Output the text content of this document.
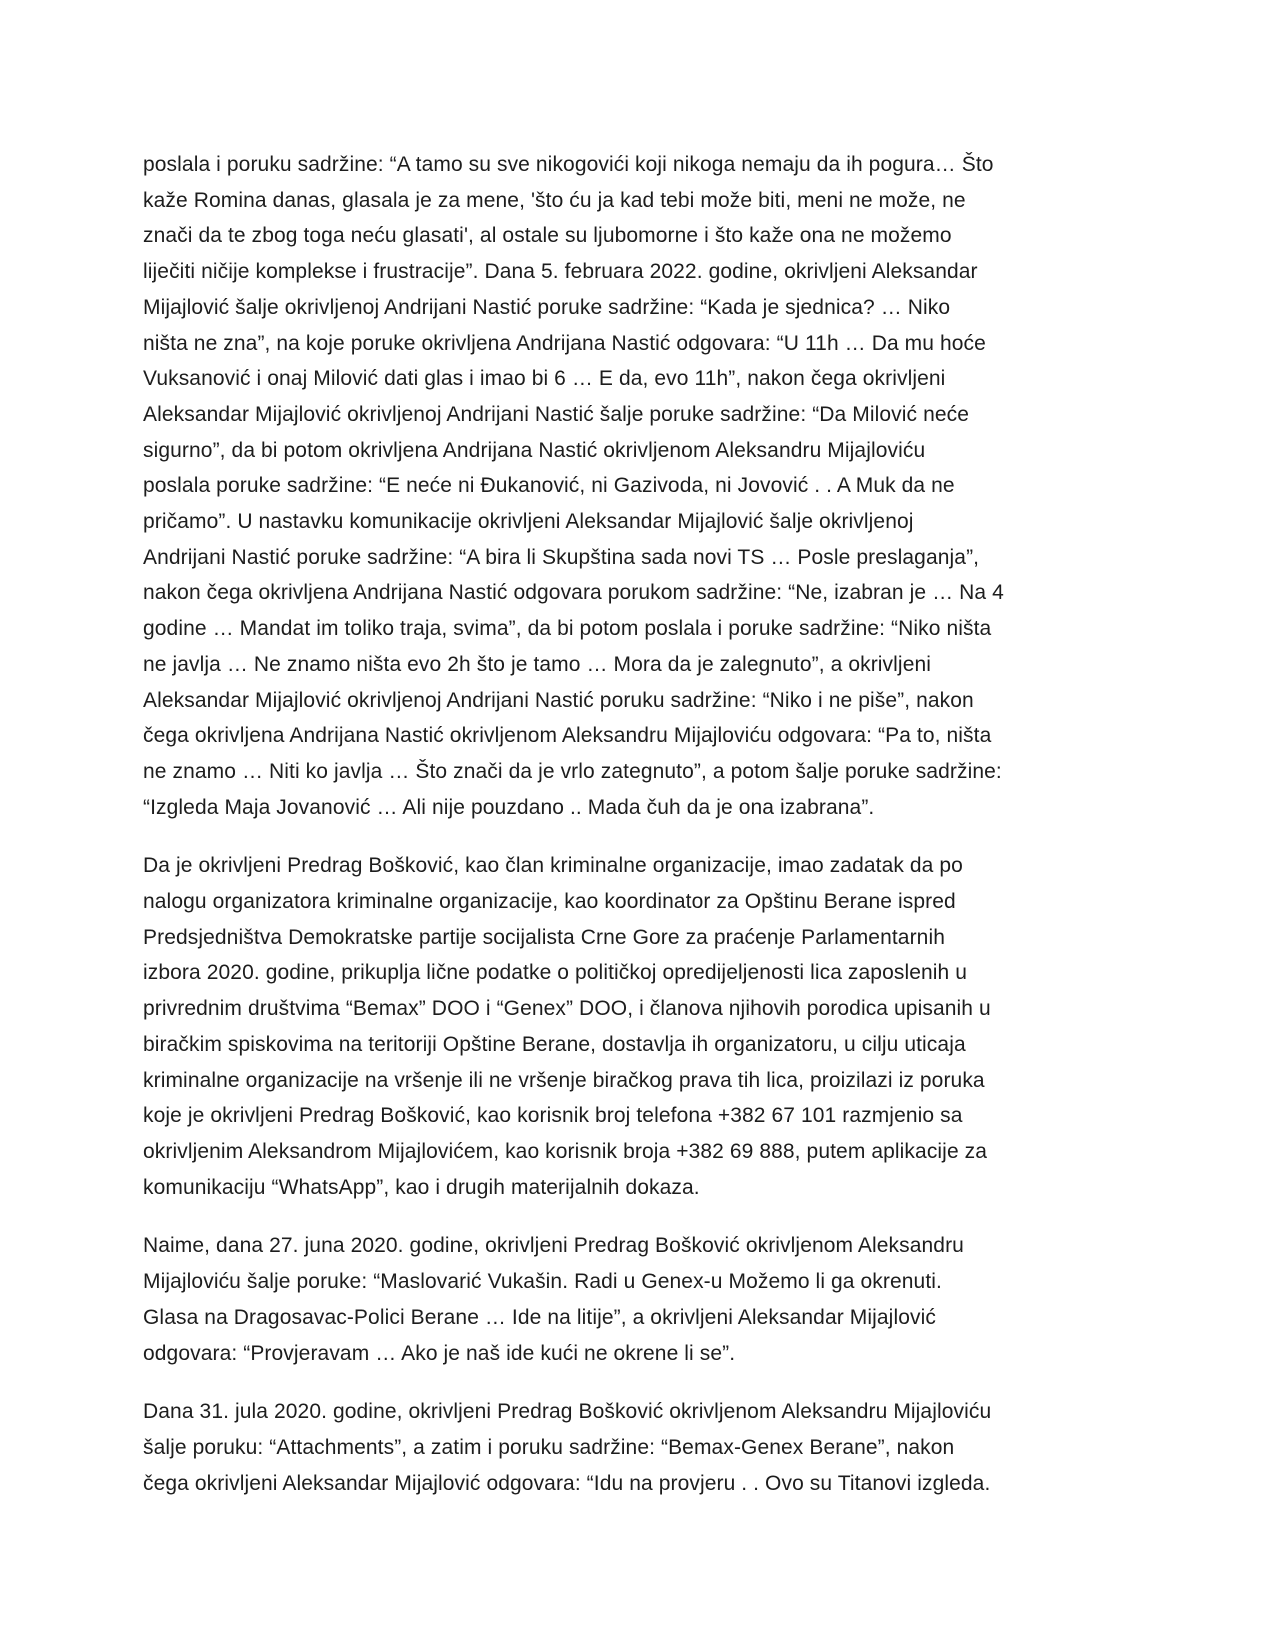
poslala i poruku sadržine: “A tamo su sve nikogovići koji nikoga nemaju da ih pogura… Što
kaže Romina danas, glasala je za mene, 'što ću ja kad tebi može biti, meni ne može, ne
znači da te zbog toga neću glasati', al ostale su ljubomorne i što kaže ona ne možemo
liječiti ničije komplekse i frustracije”. Dana 5. februara 2022. godine, okrivljeni Aleksandar
Mijajlović šalje okrivljenoj Andrijani Nastić poruke sadržine: “Kada je sjednica? … Niko
ništa ne zna”, na koje poruke okrivljena Andrijana Nastić odgovara: “U 11h … Da mu hoće
Vuksanović i onaj Milović dati glas i imao bi 6 … E da, evo 11h”, nakon čega okrivljeni
Aleksandar Mijajlović okrivljenoj Andrijani Nastić šalje poruke sadržine: “Da Milović neće
sigurno”, da bi potom okrivljena Andrijana Nastić okrivljenom Aleksandru Mijajloviću
poslala poruke sadržine: “E neće ni Đukanović, ni Gazivoda, ni Jovović . . A Muk da ne
pričamo”. U nastavku komunikacije okrivljeni Aleksandar Mijajlović šalje okrivljenoj
Andrijani Nastić poruke sadržine: “A bira li Skupština sada novi TS … Posle preslaganja”,
nakon čega okrivljena Andrijana Nastić odgovara porukom sadržine: “Ne, izabran je … Na 4
godine … Mandat im toliko traja, svima”, da bi potom poslala i poruke sadržine: “Niko ništa
ne javlja … Ne znamo ništa evo 2h što je tamo … Mora da je zalegnuto”, a okrivljeni
Aleksandar Mijajlović okrivljenoj Andrijani Nastić poruku sadržine: “Niko i ne piše”, nakon
čega okrivljena Andrijana Nastić okrivljenom Aleksandru Mijajloviću odgovara: “Pa to, ništa
ne znamo … Niti ko javlja … Što znači da je vrlo zategnuto”, a potom šalje poruke sadržine:
“Izgleda Maja Jovanović … Ali nije pouzdano .. Mada čuh da je ona izabrana”.

Da je okrivljeni Predrag Bošković, kao član kriminalne organizacije, imao zadatak da po
nalogu organizatora kriminalne organizacije, kao koordinator za Opštinu Berane ispred
Predsjedništva Demokratske partije socijalista Crne Gore za praćenje Parlamentarnih
izbora 2020. godine, prikuplja lične podatke o političkoj opredijeljenosti lica zaposlenih u
privrednim društvima “Bemax” DOO i “Genex” DOO, i članova njihovih porodica upisanih u
biračkim spiskovima na teritoriji Opštine Berane, dostavlja ih organizatoru, u cilju uticaja
kriminalne organizacije na vršenje ili ne vršenje biračkog prava tih lica, proizilazi iz poruka
koje je okrivljeni Predrag Bošković, kao korisnik broj telefona +382 67 101 razmjenio sa
okrivljenim Aleksandrom Mijajlovićem, kao korisnik broja +382 69 888, putem aplikacije za
komunikaciju “WhatsApp”, kao i drugih materijalnih dokaza.

Naime, dana 27. juna 2020. godine, okrivljeni Predrag Bošković okrivljenom Aleksandru
Mijajloviću šalje poruke: “Maslovarić Vukašin. Radi u Genex-u Možemo li ga okrenuti.
Glasa na Dragosavac-Polici Berane … Ide na litije”, a okrivljeni Aleksandar Mijajlović
odgovara: “Provjeravam … Ako je naš ide kući ne okrene li se”.

Dana 31. jula 2020. godine, okrivljeni Predrag Bošković okrivljenom Aleksandru Mijajloviću
šalje poruku: “Attachments”, a zatim i poruku sadržine: “Bemax-Genex Berane”, nakon
čega okrivljeni Aleksandar Mijajlović odgovara: “Idu na provjeru . . Ovo su Titanovi izgleda.
